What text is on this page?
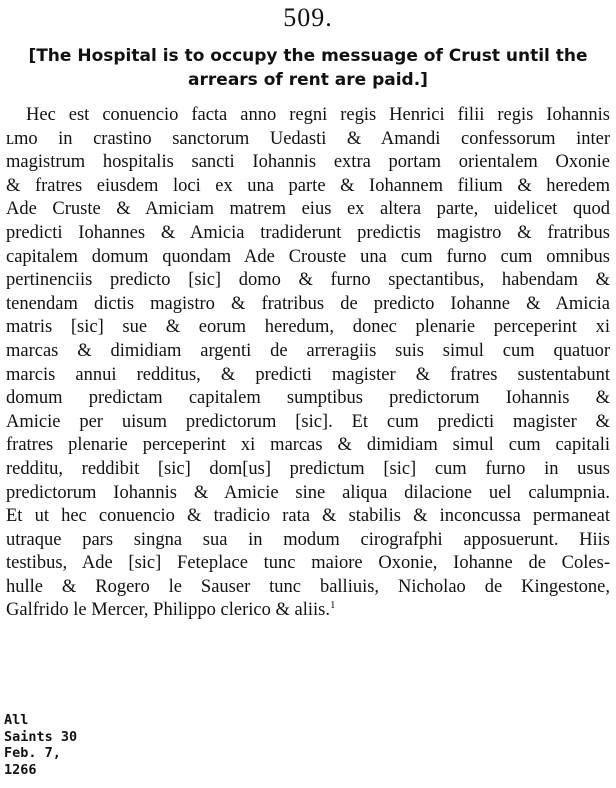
509.
[The Hospital is to occupy the messuage of Crust until the
arrears of rent are paid.]
Hec est conuencio facta anno regni regis Henrici filii regis Iohannis
ʟmo in crastino sanctorum Uedasti & Amandi confessorum inter
magistrum hospitalis sancti Iohannis extra portam orientalem Oxonie
& fratres eiusdem loci ex una parte & Iohannem filium & heredem
Ade Cruste & Amiciam matrem eius ex altera parte, uidelicet quod
predicti Iohannes & Amicia tradiderunt predictis magistro & fratribus
capitalem domum quondam Ade Crouste una cum furno cum omnibus
pertinenciis predicto [sic] domo & furno spectantibus, habendam &
tenendam dictis magistro & fratribus de predicto Iohanne & Amicia
matris [sic] sue & eorum heredum, donec plenarie perceperint xi
marcas & dimidiam argenti de arreragiis suis simul cum quatuor
marcis annui redditus, & predicti magister & fratres sustentabunt
domum predictam capitalem sumptibus predictorum Iohannis &
Amicie per uisum predictorum [sic]. Et cum predicti magister &
fratres plenarie perceperint xi marcas & dimidiam simul cum capitali
redditu, reddibit [sic] dom[us] predictum [sic] cum furno in usus
predictorum Iohannis & Amicie sine aliqua dilacione uel calumpnia.
Et ut hec conuencio & tradicio rata & stabilis & inconcussa permaneat
utraque pars singna sua in modum cirografphi apposuerunt. Hiis
testibus, Ade [sic] Feteplace tunc maiore Oxonie, Iohanne de Coles-
hulle & Rogero le Sauser tunc balliuis, Nicholao de Kingestone,
Galfrido le Mercer, Philippo clerico & aliis.$^1$
All
Saints 30
Feb. 7,
1266
